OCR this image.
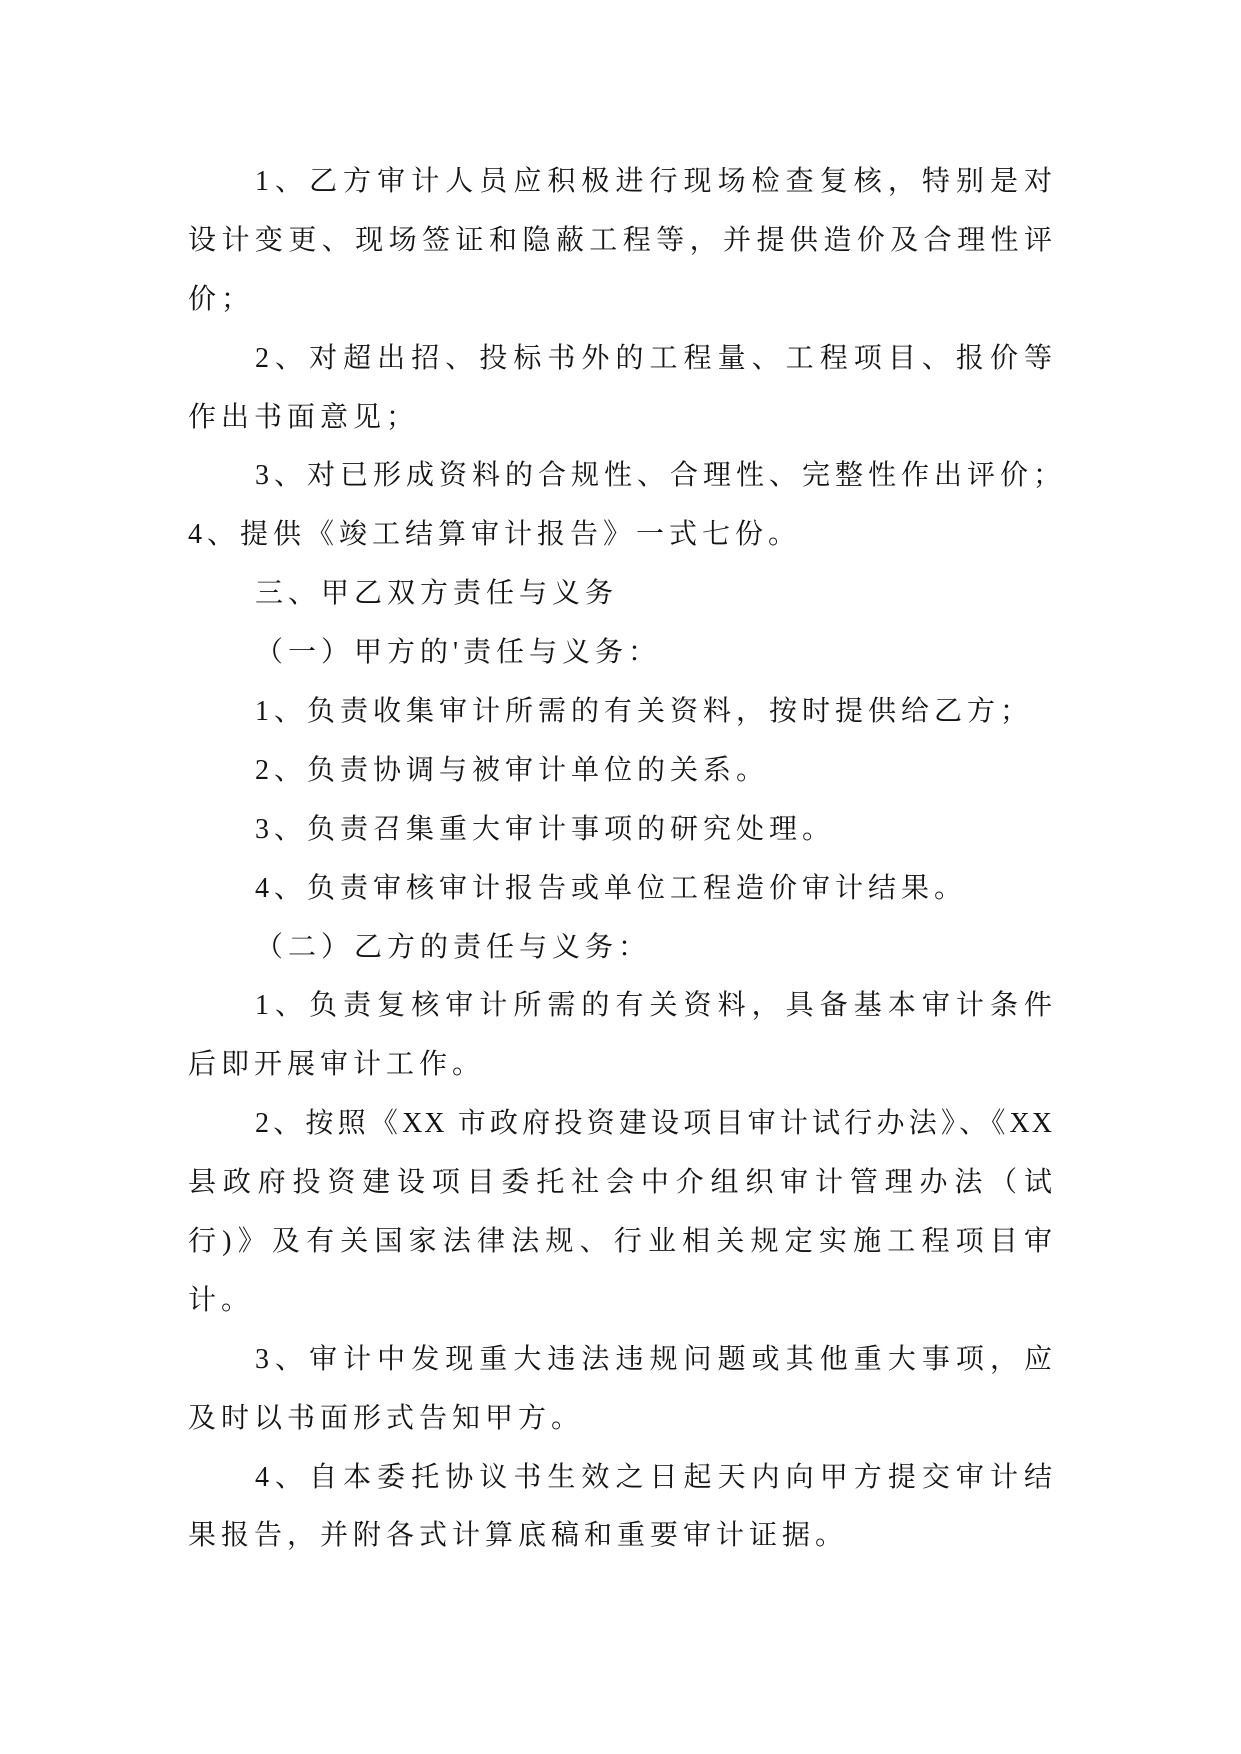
1、乙方审计人员应积极进行现场检查复核，特别是对
设计变更、现场签证和隐蔽工程等，并提供造价及合理性评
价；
2、对超出招、投标书外的工程量、工程项目、报价等
作出书面意见；
3、对已形成资料的合规性、合理性、完整性作出评价；
4、提供《竣工结算审计报告》一式七份。
三、甲乙双方责任与义务
（一）甲方的'责任与义务：
1、负责收集审计所需的有关资料，按时提供给乙方；
2、负责协调与被审计单位的关系。
3、负责召集重大审计事项的研究处理。
4、负责审核审计报告或单位工程造价审计结果。
（二）乙方的责任与义务：
1、负责复核审计所需的有关资料，具备基本审计条件
后即开展审计工作。
2、按照《XX 市政府投资建设项目审计试行办法》、《XX
县政府投资建设项目委托社会中介组织审计管理办法（试
行)》及有关国家法律法规、行业相关规定实施工程项目审
计。
3、审计中发现重大违法违规问题或其他重大事项，应
及时以书面形式告知甲方。
4、自本委托协议书生效之日起天内向甲方提交审计结
果报告，并附各式计算底稿和重要审计证据。
